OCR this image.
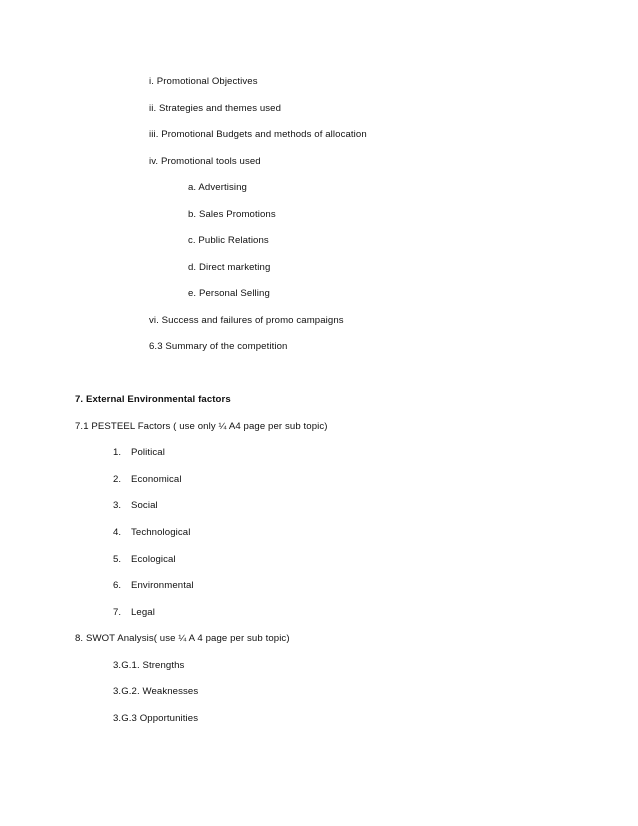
i. Promotional Objectives
ii. Strategies and themes used
iii. Promotional Budgets and methods of allocation
iv. Promotional tools used
a. Advertising
b. Sales Promotions
c. Public Relations
d. Direct marketing
e. Personal Selling
vi. Success and failures of promo campaigns
6.3 Summary of the competition
7. External Environmental factors
7.1 PESTEEL Factors ( use only ¼ A4 page per sub topic)
1. Political
2. Economical
3. Social
4. Technological
5. Ecological
6. Environmental
7. Legal
8. SWOT Analysis( use ¼ A 4 page per sub topic)
3.G.1. Strengths
3.G.2. Weaknesses
3.G.3 Opportunities
